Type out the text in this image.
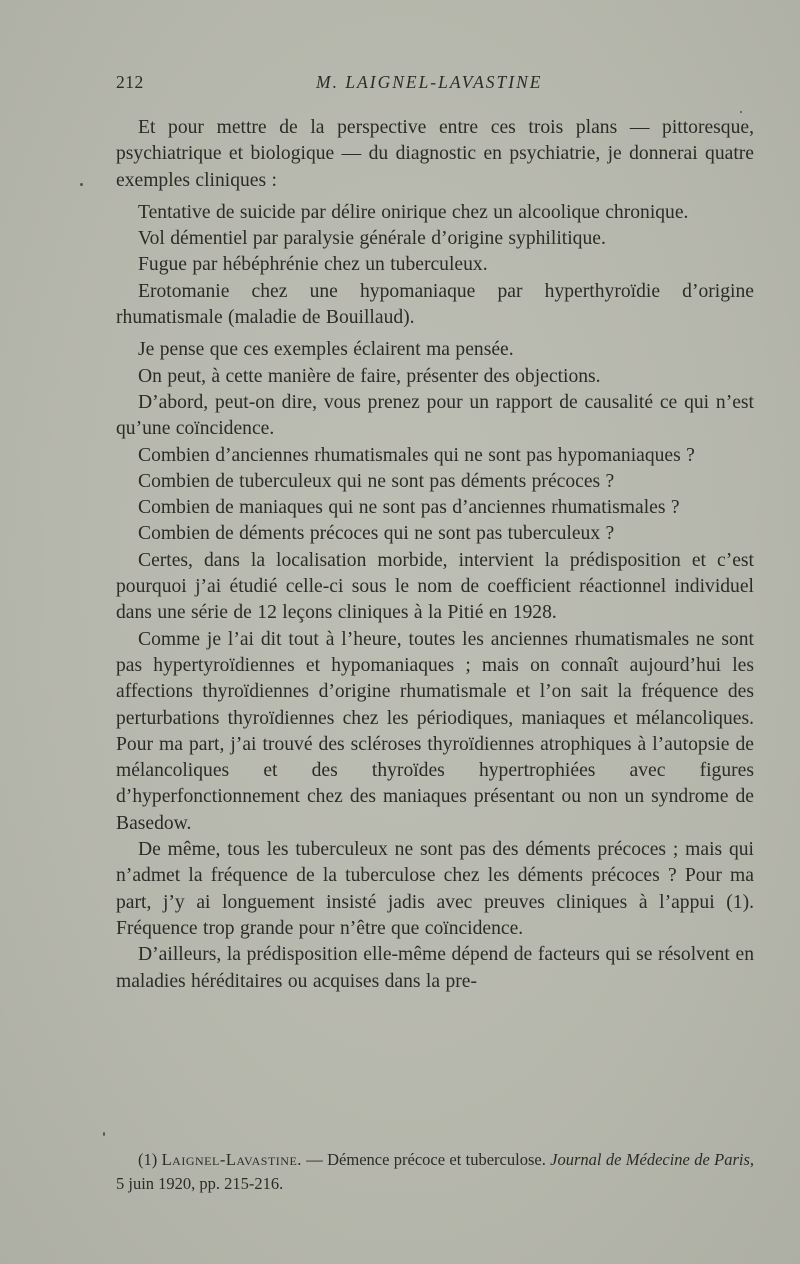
212	M. LAIGNEL-LAVASTINE

Et pour mettre de la perspective entre ces trois plans — pittoresque, psychiatrique et biologique — du diagnostic en psychiatrie, je donnerai quatre exemples cliniques :

Tentative de suicide par délire onirique chez un alcoolique chronique.

Vol démentiel par paralysie générale d’origine syphilitique.

Fugue par hébéphrénie chez un tuberculeux.

Erotomanie chez une hypomaniaque par hyperthyroïdie d’origine rhumatismale (maladie de Bouillaud).

Je pense que ces exemples éclairent ma pensée.

On peut, à cette manière de faire, présenter des objections.

D’abord, peut-on dire, vous prenez pour un rapport de causalité ce qui n’est qu’une coïncidence.

Combien d’anciennes rhumatismales qui ne sont pas hypomaniaques ?

Combien de tuberculeux qui ne sont pas déments précoces ?

Combien de maniaques qui ne sont pas d’anciennes rhumatismales ?

Combien de déments précoces qui ne sont pas tuberculeux ?

Certes, dans la localisation morbide, intervient la prédisposition et c’est pourquoi j’ai étudié celle-ci sous le nom de coefficient réactionnel individuel dans une série de 12 leçons cliniques à la Pitié en 1928.

Comme je l’ai dit tout à l’heure, toutes les anciennes rhumatismales ne sont pas hypertyroïdiennes et hypomaniaques ; mais on connaît aujourd’hui les affections thyroïdiennes d’origine rhumatismale et l’on sait la fréquence des perturbations thyroïdiennes chez les périodiques, maniaques et mélancoliques. Pour ma part, j’ai trouvé des scléroses thyroïdiennes atrophiques à l’autopsie de mélancoliques et des thyroïdes hypertrophiées avec figures d’hyperfonctionnement chez des maniaques présentant ou non un syndrome de Basedow.

De même, tous les tuberculeux ne sont pas des déments précoces ; mais qui n’admet la fréquence de la tuberculose chez les déments précoces ? Pour ma part, j’y ai longuement insisté jadis avec preuves cliniques à l’appui (1). Fréquence trop grande pour n’être que coïncidence.

D’ailleurs, la prédisposition elle-même dépend de facteurs qui se résolvent en maladies héréditaires ou acquises dans la pre-

(1) Laignel-Lavastine. — Démence précoce et tuberculose. Journal de Médecine de Paris, 5 juin 1920, pp. 215-216.
